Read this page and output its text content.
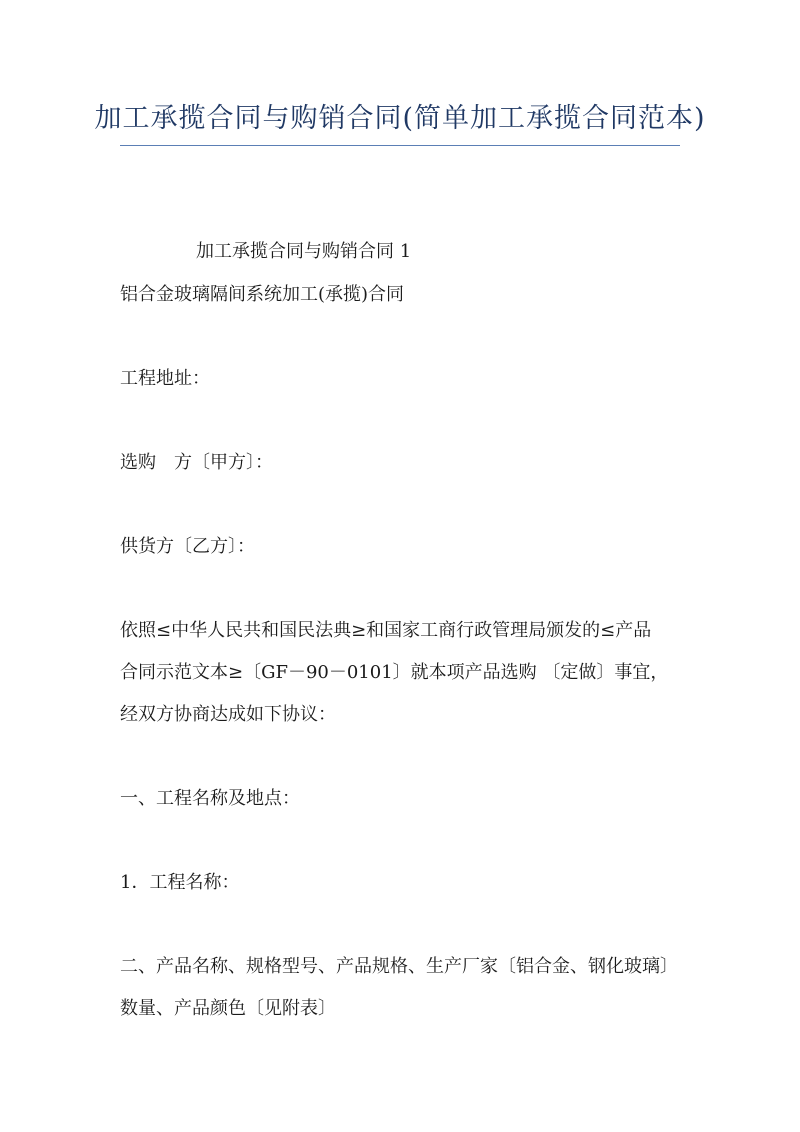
加工承揽合同与购销合同(简单加工承揽合同范本)
加工承揽合同与购销合同 1
铝合金玻璃隔间系统加工(承揽)合同
工程地址：
选购　方〔甲方〕：
供货方〔乙方〕：
依照≤中华人民共和国民法典≥和国家工商行政管理局颁发的≤产品
合同示范文本≥〔GF－90－0101〕就本项产品选购 〔定做〕事宜，
经双方协商达成如下协议：
一、工程名称及地点：
1．工程名称：
二、产品名称、规格型号、产品规格、生产厂家〔铝合金、钢化玻璃〕
数量、产品颜色〔见附表〕
